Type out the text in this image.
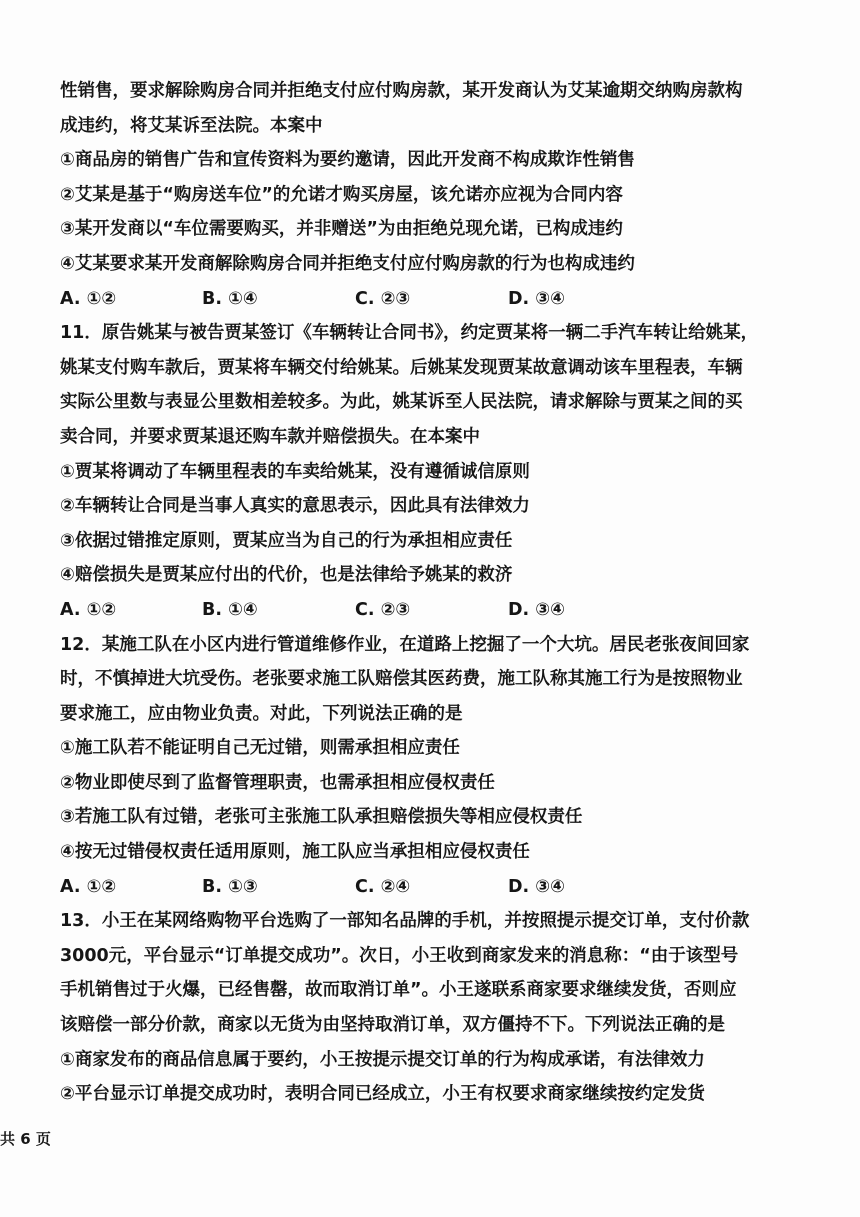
性销售，要求解除购房合同并拒绝支付应付购房款，某开发商认为艾某逾期交纳购房款构
成违约，将艾某诉至法院。本案中
①商品房的销售广告和宣传资料为要约邀请，因此开发商不构成欺诈性销售
②艾某是基于“购房送车位”的允诺才购买房屋，该允诺亦应视为合同内容
③某开发商以“车位需要购买，并非赠送”为由拒绝兑现允诺，已构成违约
④艾某要求某开发商解除购房合同并拒绝支付应付购房款的行为也构成违约
A. ①②	B. ①④	C. ②③	D. ③④
11．原告姚某与被告贾某签订《车辆转让合同书》，约定贾某将一辆二手汽车转让给姚某，
姚某支付购车款后，贾某将车辆交付给姚某。后姚某发现贾某故意调动该车里程表，车辆
实际公里数与表显公里数相差较多。为此，姚某诉至人民法院，请求解除与贾某之间的买
卖合同，并要求贾某退还购车款并赔偿损失。在本案中
①贾某将调动了车辆里程表的车卖给姚某，没有遵循诚信原则
②车辆转让合同是当事人真实的意思表示，因此具有法律效力
③依据过错推定原则，贾某应当为自己的行为承担相应责任
④赔偿损失是贾某应付出的代价，也是法律给予姚某的救济
A. ①②	B. ①④	C. ②③	D. ③④
12．某施工队在小区内进行管道维修作业，在道路上挖掘了一个大坑。居民老张夜间回家
时，不慎掉进大坑受伤。老张要求施工队赔偿其医药费，施工队称其施工行为是按照物业
要求施工，应由物业负责。对此，下列说法正确的是
①施工队若不能证明自己无过错，则需承担相应责任
②物业即使尽到了监督管理职责，也需承担相应侵权责任
③若施工队有过错，老张可主张施工队承担赔偿损失等相应侵权责任
④按无过错侵权责任适用原则，施工队应当承担相应侵权责任
A. ①②	B. ①③	C. ②④	D. ③④
13．小王在某网络购物平台选购了一部知名品牌的手机，并按照提示提交订单，支付价款
3000元，平台显示“订单提交成功”。次日，小王收到商家发来的消息称：“由于该型号
手机销售过于火爆，已经售罄，故而取消订单”。小王遂联系商家要求继续发货，否则应
该赔偿一部分价款，商家以无货为由坚持取消订单，双方僵持不下。下列说法正确的是
①商家发布的商品信息属于要约，小王按提示提交订单的行为构成承诺，有法律效力
②平台显示订单提交成功时，表明合同已经成立，小王有权要求商家继续按约定发货
共 6 页
